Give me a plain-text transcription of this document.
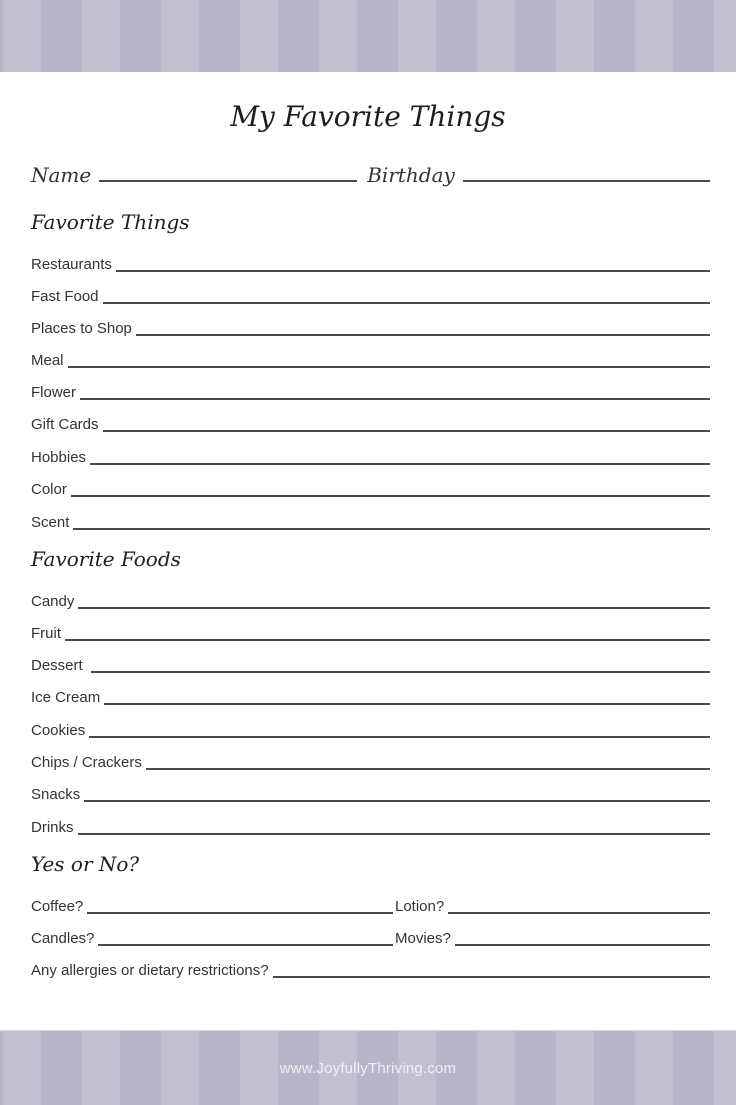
My Favorite Things
Name	Birthday
Favorite Things
Restaurants
Fast Food
Places to Shop
Meal
Flower
Gift Cards
Hobbies
Color
Scent
Favorite Foods
Candy
Fruit
Dessert
Ice Cream
Cookies
Chips / Crackers
Snacks
Drinks
Yes or No?
Coffee?	Lotion?
Candles?	Movies?
Any allergies or dietary restrictions?
www.JoyfullyThriving.com
